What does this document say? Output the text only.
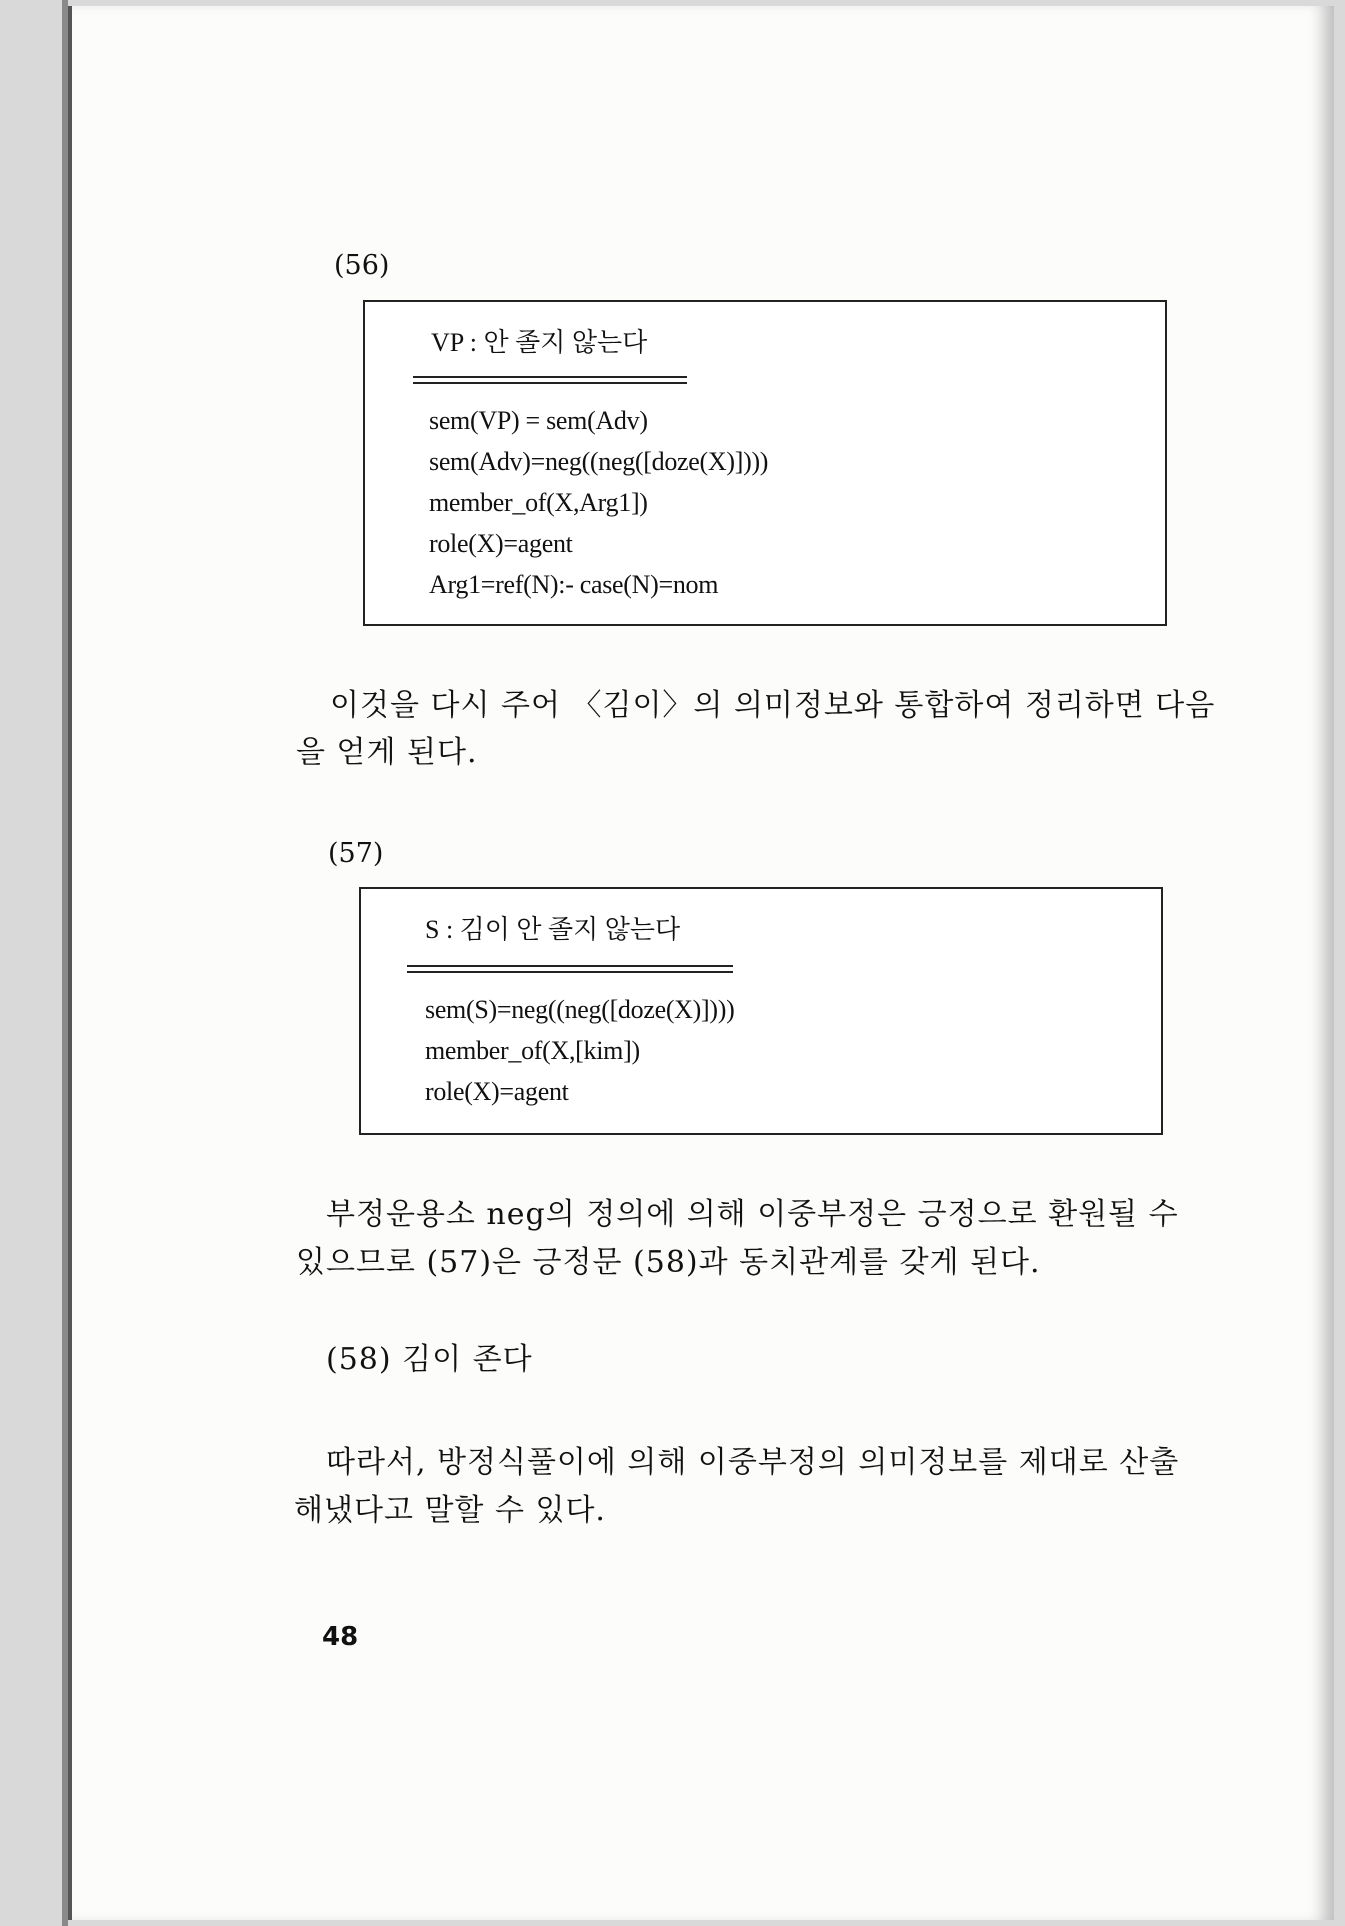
(56)
VP : 안 졸지 않는다
sem(VP) = sem(Adv)
sem(Adv)=neg((neg([doze(X)])))
member_of(X,Arg1])
role(X)=agent
Arg1=ref(N):- case(N)=nom
이것을 다시 주어 〈김이〉의 의미정보와 통합하여 정리하면 다음
을 얻게 된다.
(57)
S : 김이 안 졸지 않는다
sem(S)=neg((neg([doze(X)])))
member_of(X,[kim])
role(X)=agent
부정운용소 neg의 정의에 의해 이중부정은 긍정으로 환원될 수
있으므로 (57)은 긍정문 (58)과 동치관계를 갖게 된다.
(58) 김이 존다
따라서, 방정식풀이에 의해 이중부정의 의미정보를 제대로 산출
해냈다고 말할 수 있다.
48
